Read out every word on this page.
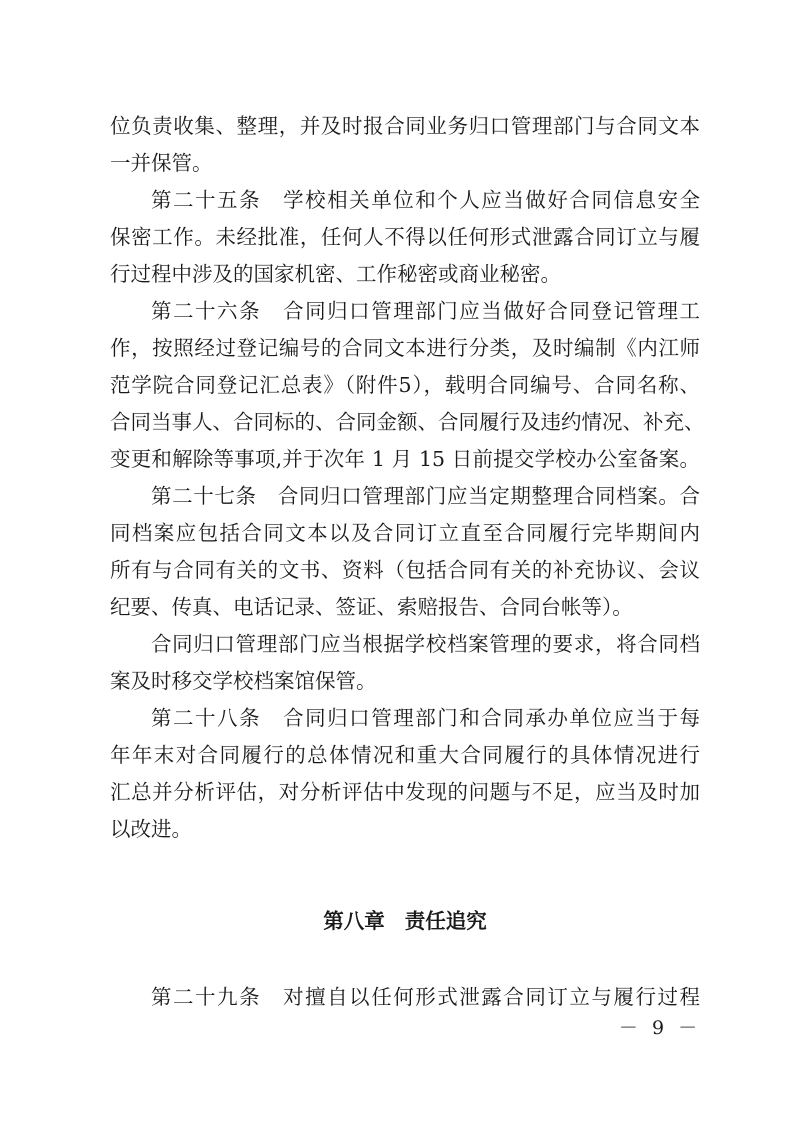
位负责收集、整理，并及时报合同业务归口管理部门与合同文本
一并保管。
第二十五条　学校相关单位和个人应当做好合同信息安全
保密工作。未经批准，任何人不得以任何形式泄露合同订立与履
行过程中涉及的国家机密、工作秘密或商业秘密。
第二十六条　合同归口管理部门应当做好合同登记管理工
作，按照经过登记编号的合同文本进行分类，及时编制《内江师
范学院合同登记汇总表》（附件5），载明合同编号、合同名称、
合同当事人、合同标的、合同金额、合同履行及违约情况、补充、
变更和解除等事项,并于次年 1 月 15 日前提交学校办公室备案。
第二十七条　合同归口管理部门应当定期整理合同档案。合
同档案应包括合同文本以及合同订立直至合同履行完毕期间内
所有与合同有关的文书、资料（包括合同有关的补充协议、会议
纪要、传真、电话记录、签证、索赔报告、合同台帐等）。
合同归口管理部门应当根据学校档案管理的要求，将合同档
案及时移交学校档案馆保管。
第二十八条　合同归口管理部门和合同承办单位应当于每
年年末对合同履行的总体情况和重大合同履行的具体情况进行
汇总并分析评估，对分析评估中发现的问题与不足，应当及时加
以改进。
第八章 责任追究
第二十九条　对擅自以任何形式泄露合同订立与履行过程
－ 9 －
